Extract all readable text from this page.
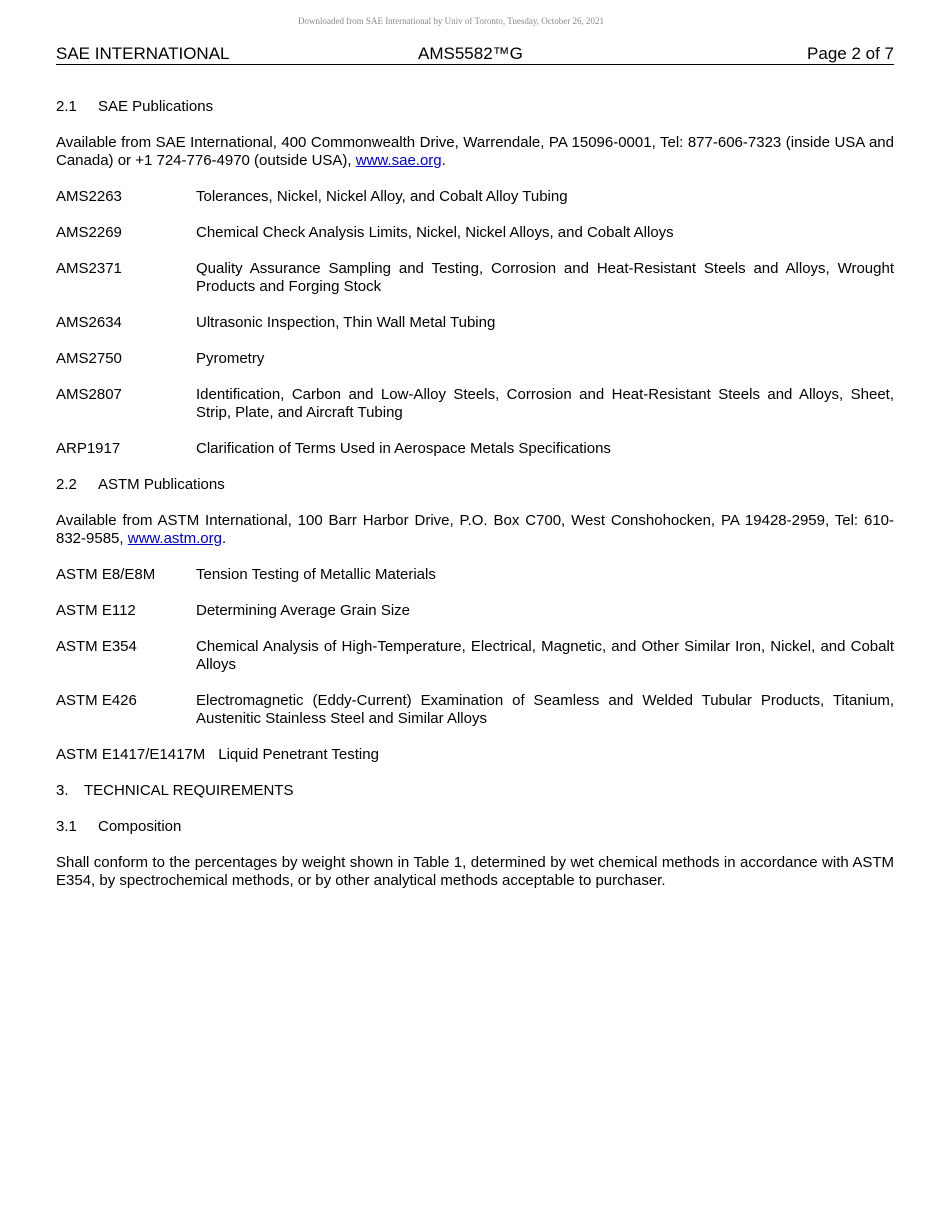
Downloaded from SAE International by Univ of Toronto, Tuesday, October 26, 2021
SAE INTERNATIONAL	AMS5582™G	Page 2 of 7
2.1 SAE Publications
Available from SAE International, 400 Commonwealth Drive, Warrendale, PA 15096-0001, Tel: 877-606-7323 (inside USA and Canada) or +1 724-776-4970 (outside USA), www.sae.org.
AMS2263	Tolerances, Nickel, Nickel Alloy, and Cobalt Alloy Tubing
AMS2269	Chemical Check Analysis Limits, Nickel, Nickel Alloys, and Cobalt Alloys
AMS2371	Quality Assurance Sampling and Testing, Corrosion and Heat-Resistant Steels and Alloys, Wrought Products and Forging Stock
AMS2634	Ultrasonic Inspection, Thin Wall Metal Tubing
AMS2750	Pyrometry
AMS2807	Identification, Carbon and Low-Alloy Steels, Corrosion and Heat-Resistant Steels and Alloys, Sheet, Strip, Plate, and Aircraft Tubing
ARP1917	Clarification of Terms Used in Aerospace Metals Specifications
2.2 ASTM Publications
Available from ASTM International, 100 Barr Harbor Drive, P.O. Box C700, West Conshohocken, PA 19428-2959, Tel: 610-832-9585, www.astm.org.
ASTM E8/E8M	Tension Testing of Metallic Materials
ASTM E112	Determining Average Grain Size
ASTM E354	Chemical Analysis of High-Temperature, Electrical, Magnetic, and Other Similar Iron, Nickel, and Cobalt Alloys
ASTM E426	Electromagnetic (Eddy-Current) Examination of Seamless and Welded Tubular Products, Titanium, Austenitic Stainless Steel and Similar Alloys
ASTM E1417/E1417M Liquid Penetrant Testing
3. TECHNICAL REQUIREMENTS
3.1 Composition
Shall conform to the percentages by weight shown in Table 1, determined by wet chemical methods in accordance with ASTM E354, by spectrochemical methods, or by other analytical methods acceptable to purchaser.
